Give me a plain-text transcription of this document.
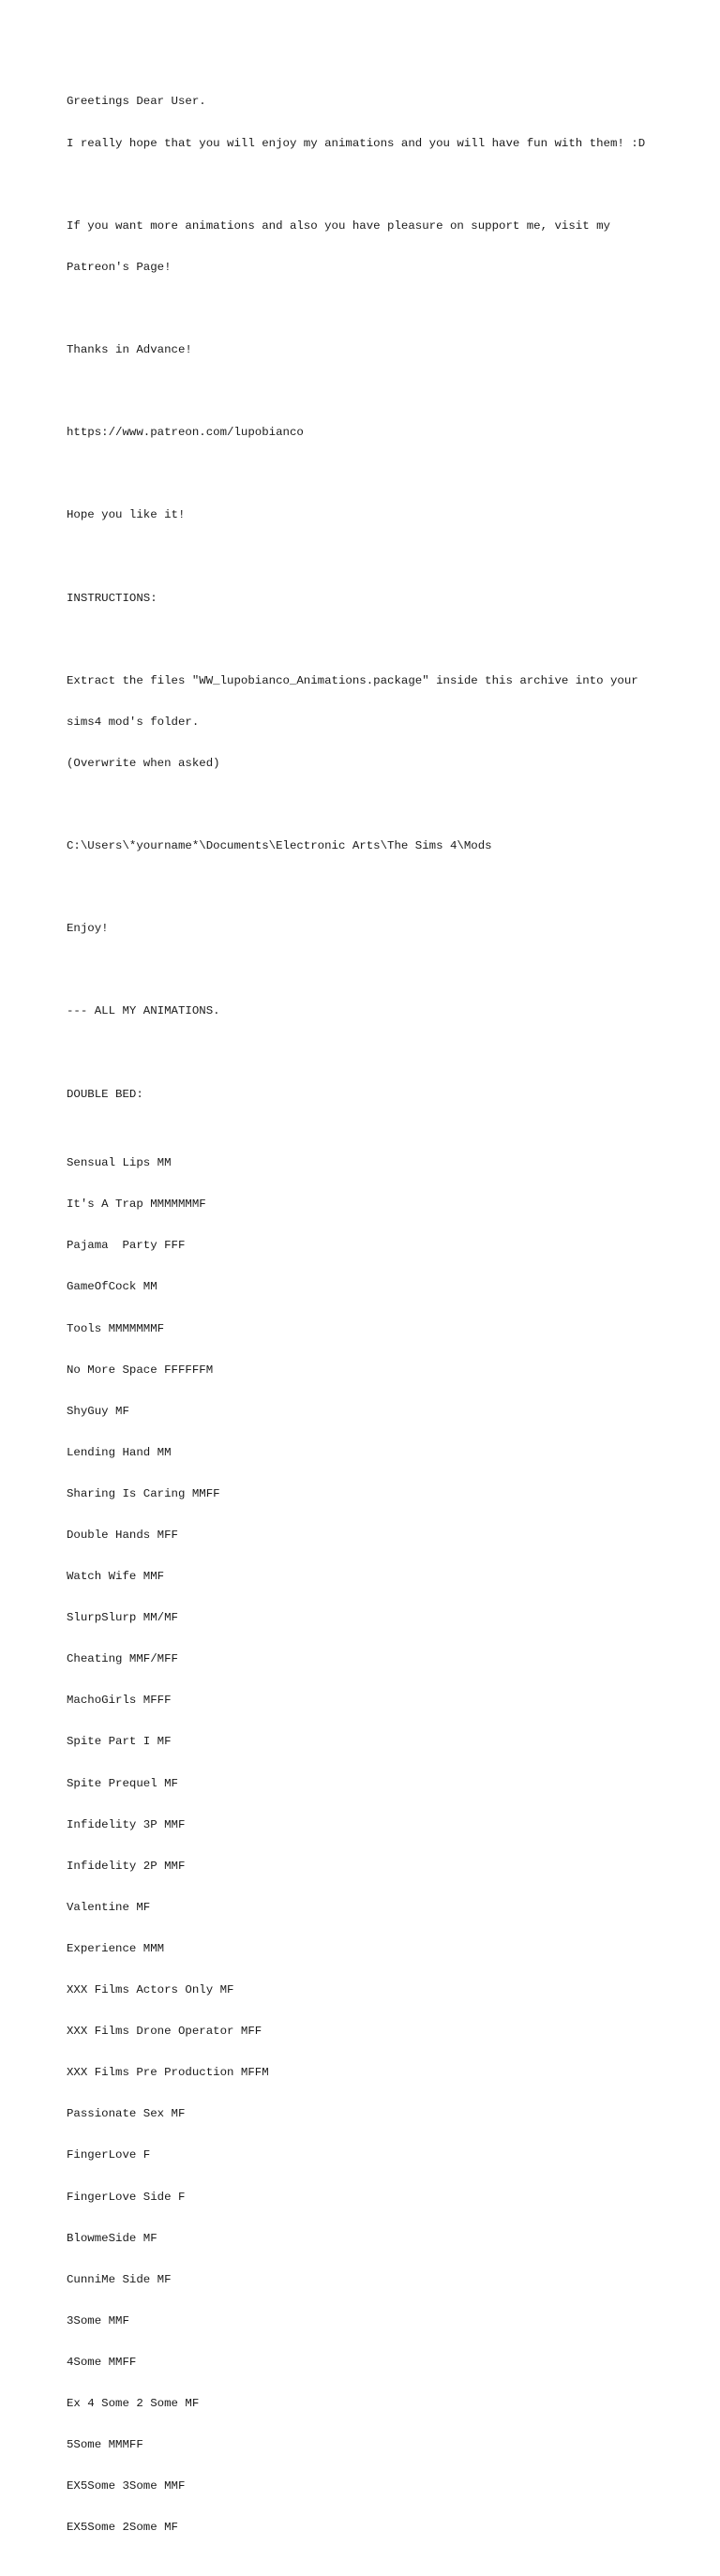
Greetings Dear User.

I really hope that you will enjoy my animations and you will have fun with them! :D

If you want more animations and also you have pleasure on support me, visit my

Patreon's Page!

Thanks in Advance!

https://www.patreon.com/lupobianco

Hope you like it!

INSTRUCTIONS:

Extract the files "WW_lupobianco_Animations.package" inside this archive into your

sims4 mod's folder.

(Overwrite when asked)

C:\Users\*yourname*\Documents\Electronic Arts\The Sims 4\Mods

Enjoy!

--- ALL MY ANIMATIONS.

DOUBLE BED:

Sensual Lips MM

It's A Trap MMMMMMMF

Pajama  Party FFF

GameOfCock MM

Tools MMMMMMMF

No More Space FFFFFFM

ShyGuy MF

Lending Hand MM

Sharing Is Caring MMFF

Double Hands MFF

Watch Wife MMF

SlurpSlurp MM/MF

Cheating MMF/MFF

MachoGirls MFFF

Spite Part I MF

Spite Prequel MF

Infidelity 3P MMF

Infidelity 2P MMF

Valentine MF

Experience MMM

XXX Films Actors Only MF

XXX Films Drone Operator MFF

XXX Films Pre Production MFFM

Passionate Sex MF

FingerLove F

FingerLove Side F

BlowmeSide MF

CunniMe Side MF

3Some MMF

4Some MMFF

Ex 4 Some 2 Some MF

5Some MMMFF

EX5Some 3Some MMF

EX5Some 2Some MF
